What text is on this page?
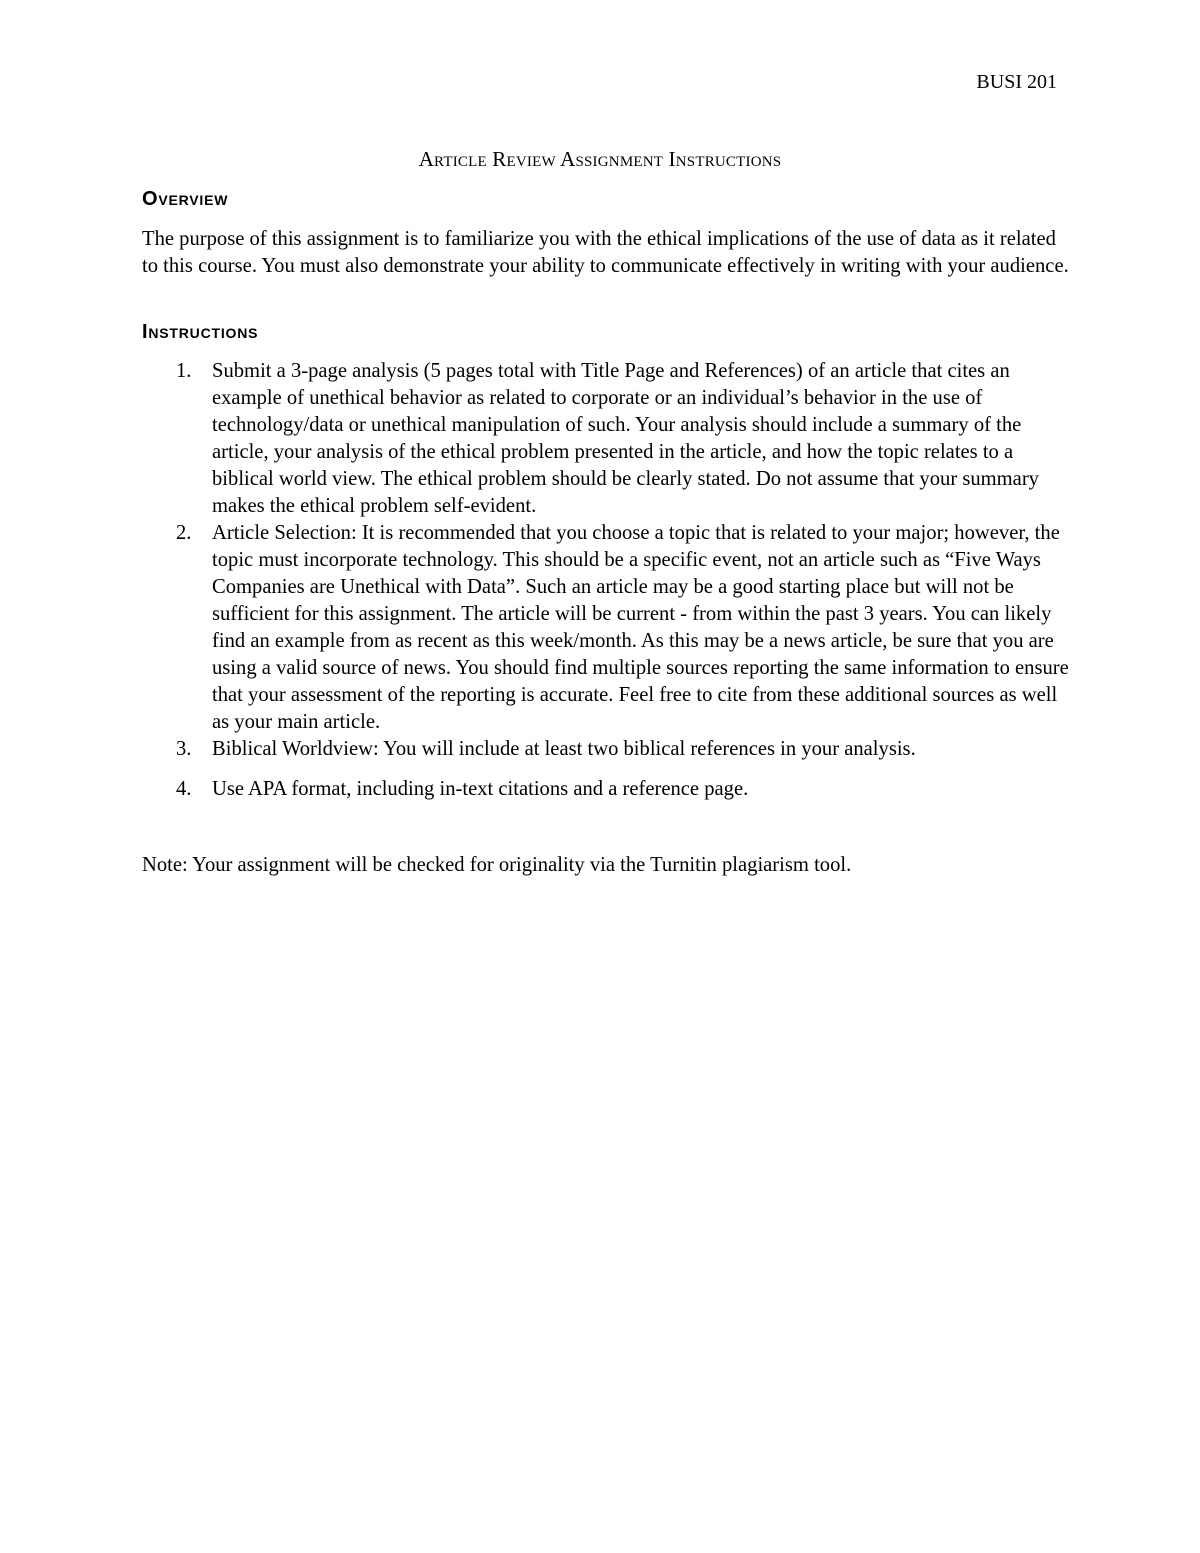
BUSI 201
Article Review Assignment Instructions
Overview
The purpose of this assignment is to familiarize you with the ethical implications of the use of data as it related to this course. You must also demonstrate your ability to communicate effectively in writing with your audience.
Instructions
1. Submit a 3-page analysis (5 pages total with Title Page and References) of an article that cites an example of unethical behavior as related to corporate or an individual’s behavior in the use of technology/data or unethical manipulation of such. Your analysis should include a summary of the article, your analysis of the ethical problem presented in the article, and how the topic relates to a biblical world view. The ethical problem should be clearly stated. Do not assume that your summary makes the ethical problem self-evident.
2. Article Selection: It is recommended that you choose a topic that is related to your major; however, the topic must incorporate technology. This should be a specific event, not an article such as “Five Ways Companies are Unethical with Data”. Such an article may be a good starting place but will not be sufficient for this assignment. The article will be current - from within the past 3 years. You can likely find an example from as recent as this week/month. As this may be a news article, be sure that you are using a valid source of news. You should find multiple sources reporting the same information to ensure that your assessment of the reporting is accurate. Feel free to cite from these additional sources as well as your main article.
3. Biblical Worldview: You will include at least two biblical references in your analysis.
4. Use APA format, including in-text citations and a reference page.
Note: Your assignment will be checked for originality via the Turnitin plagiarism tool.
